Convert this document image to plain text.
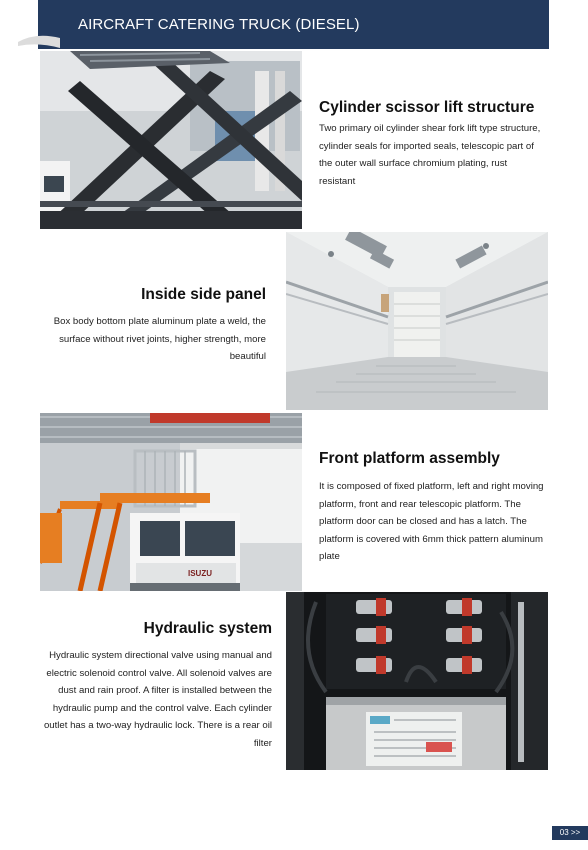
AIRCRAFT CATERING TRUCK (DIESEL)
Cylinder scissor lift structure
Two primary oil cylinder shear fork lift type structure, cylinder seals for imported seals, telescopic part of the outer wall surface chromium plating, rust resistant
Inside side panel
Box body bottom plate aluminum plate a weld, the surface without rivet joints, higher strength, more beautiful
ISUZU
Front platform assembly
It is composed of fixed platform, left and right moving platform, front and rear telescopic platform. The platform door can be closed and has a latch. The platform is covered with 6mm thick pattern aluminum plate
Hydraulic system
Hydraulic system directional valve using manual and electric solenoid control valve. All solenoid valves are dust and rain proof. A filter is installed between the hydraulic pump and the control valve. Each cylinder outlet has a two-way hydraulic lock. There is a rear oil filter
03 >>
